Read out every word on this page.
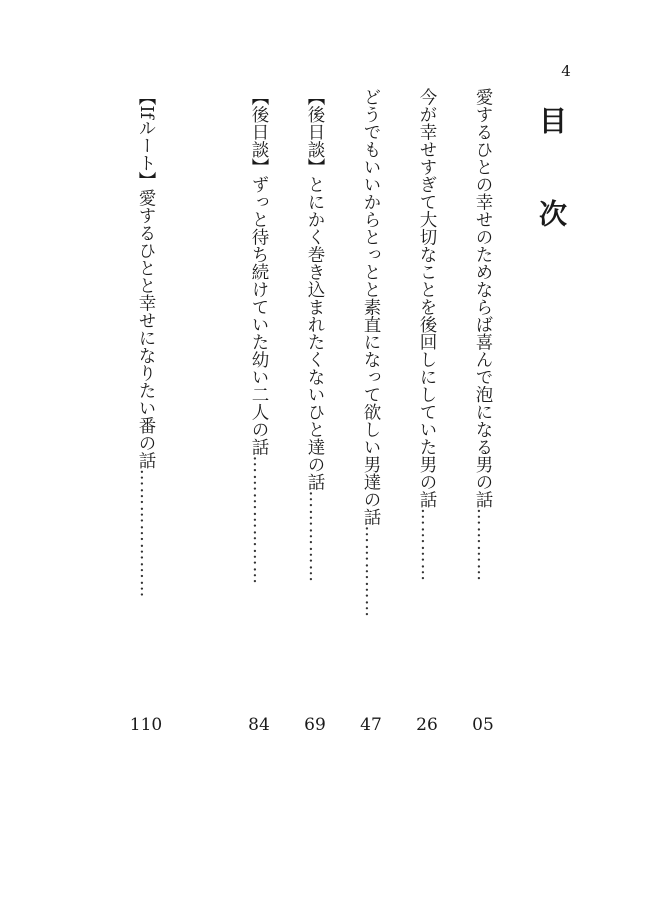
4
目 次
愛するひとの幸せのためならば喜んで泡になる男の話…………
05
今が幸せすぎて大切なことを後回しにしていた男の話…………
26
どうでもいいからとっとと素直になって欲しい男達の話……………
47
【後日談】とにかく巻き込まれたくないひと達の話……………
69
【後日談】ずっと待ち続けていた幼い二人の話…………………
84
【Ifルート】愛するひとと幸せになりたい番の話…………………
110
